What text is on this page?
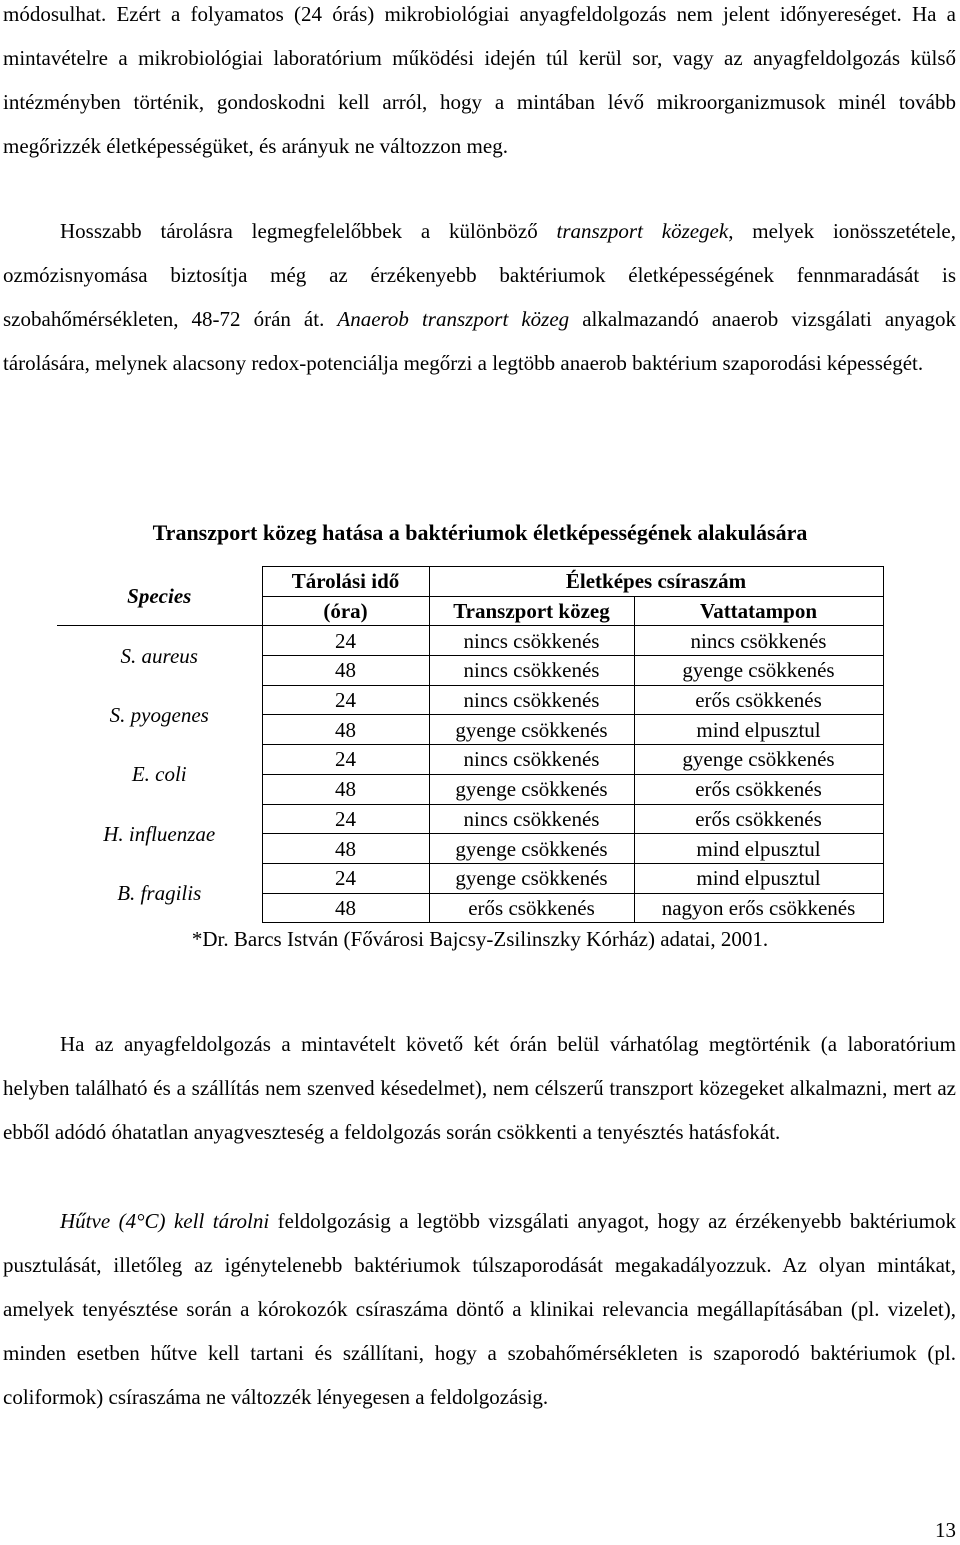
módosulhat. Ezért a folyamatos (24 órás) mikrobiológiai anyagfeldolgozás nem jelent időnyereséget. Ha a mintavételre a mikrobiológiai laboratórium működési idején túl kerül sor, vagy az anyagfeldolgozás külső intézményben történik, gondoskodni kell arról, hogy a mintában lévő mikroorganizmusok minél tovább megőrizzék életképességüket, és arányuk ne változzon meg.

Hosszabb tárolásra legmegfelelőbbek a különböző transzport közegek, melyek ionösszetétele, ozmózisnyomása biztosítja még az érzékenyebb baktériumok életképességének fennmaradását is szobahőmérsékleten, 48-72 órán át. Anaerob transzport közeg alkalmazandó anaerob vizsgálati anyagok tárolására, melynek alacsony redox-potenciálja megőrzi a legtöbb anaerob baktérium szaporodási képességét.

Transzport közeg hatása a baktériumok életképességének alakulására

Species	Tárolási idő	Életképes csíraszám	
	(óra)	Transzport közeg	Vattatampon
S. aureus	24	nincs csökkenés	nincs csökkenés
	48	nincs csökkenés	gyenge csökkenés
S. pyogenes	24	nincs csökkenés	erős csökkenés
	48	gyenge csökkenés	mind elpusztul
E. coli	24	nincs csökkenés	gyenge csökkenés
	48	gyenge csökkenés	erős csökkenés
H. influenzae	24	nincs csökkenés	erős csökkenés
	48	gyenge csökkenés	mind elpusztul
B. fragilis	24	gyenge csökkenés	mind elpusztul
	48	erős csökkenés	nagyon erős csökkenés

*Dr. Barcs István (Fővárosi Bajcsy-Zsilinszky Kórház) adatai, 2001.

Ha az anyagfeldolgozás a mintavételt követő két órán belül várhatólag megtörténik (a laboratórium helyben található és a szállítás nem szenved késedelmet), nem célszerű transzport közegeket alkalmazni, mert az ebből adódó óhatatlan anyagveszteség a feldolgozás során csökkenti a tenyésztés hatásfokát.

Hűtve (4°C) kell tárolni feldolgozásig a legtöbb vizsgálati anyagot, hogy az érzékenyebb baktériumok pusztulását, illetőleg az igénytelenebb baktériumok túlszaporodását megakadályozzuk. Az olyan mintákat, amelyek tenyésztése során a kórokozók csíraszáma döntő a klinikai relevancia megállapításában (pl. vizelet), minden esetben hűtve kell tartani és szállítani, hogy a szobahőmérsékleten is szaporodó baktériumok (pl. coliformok) csíraszáma ne változzék lényegesen a feldolgozásig.

13
